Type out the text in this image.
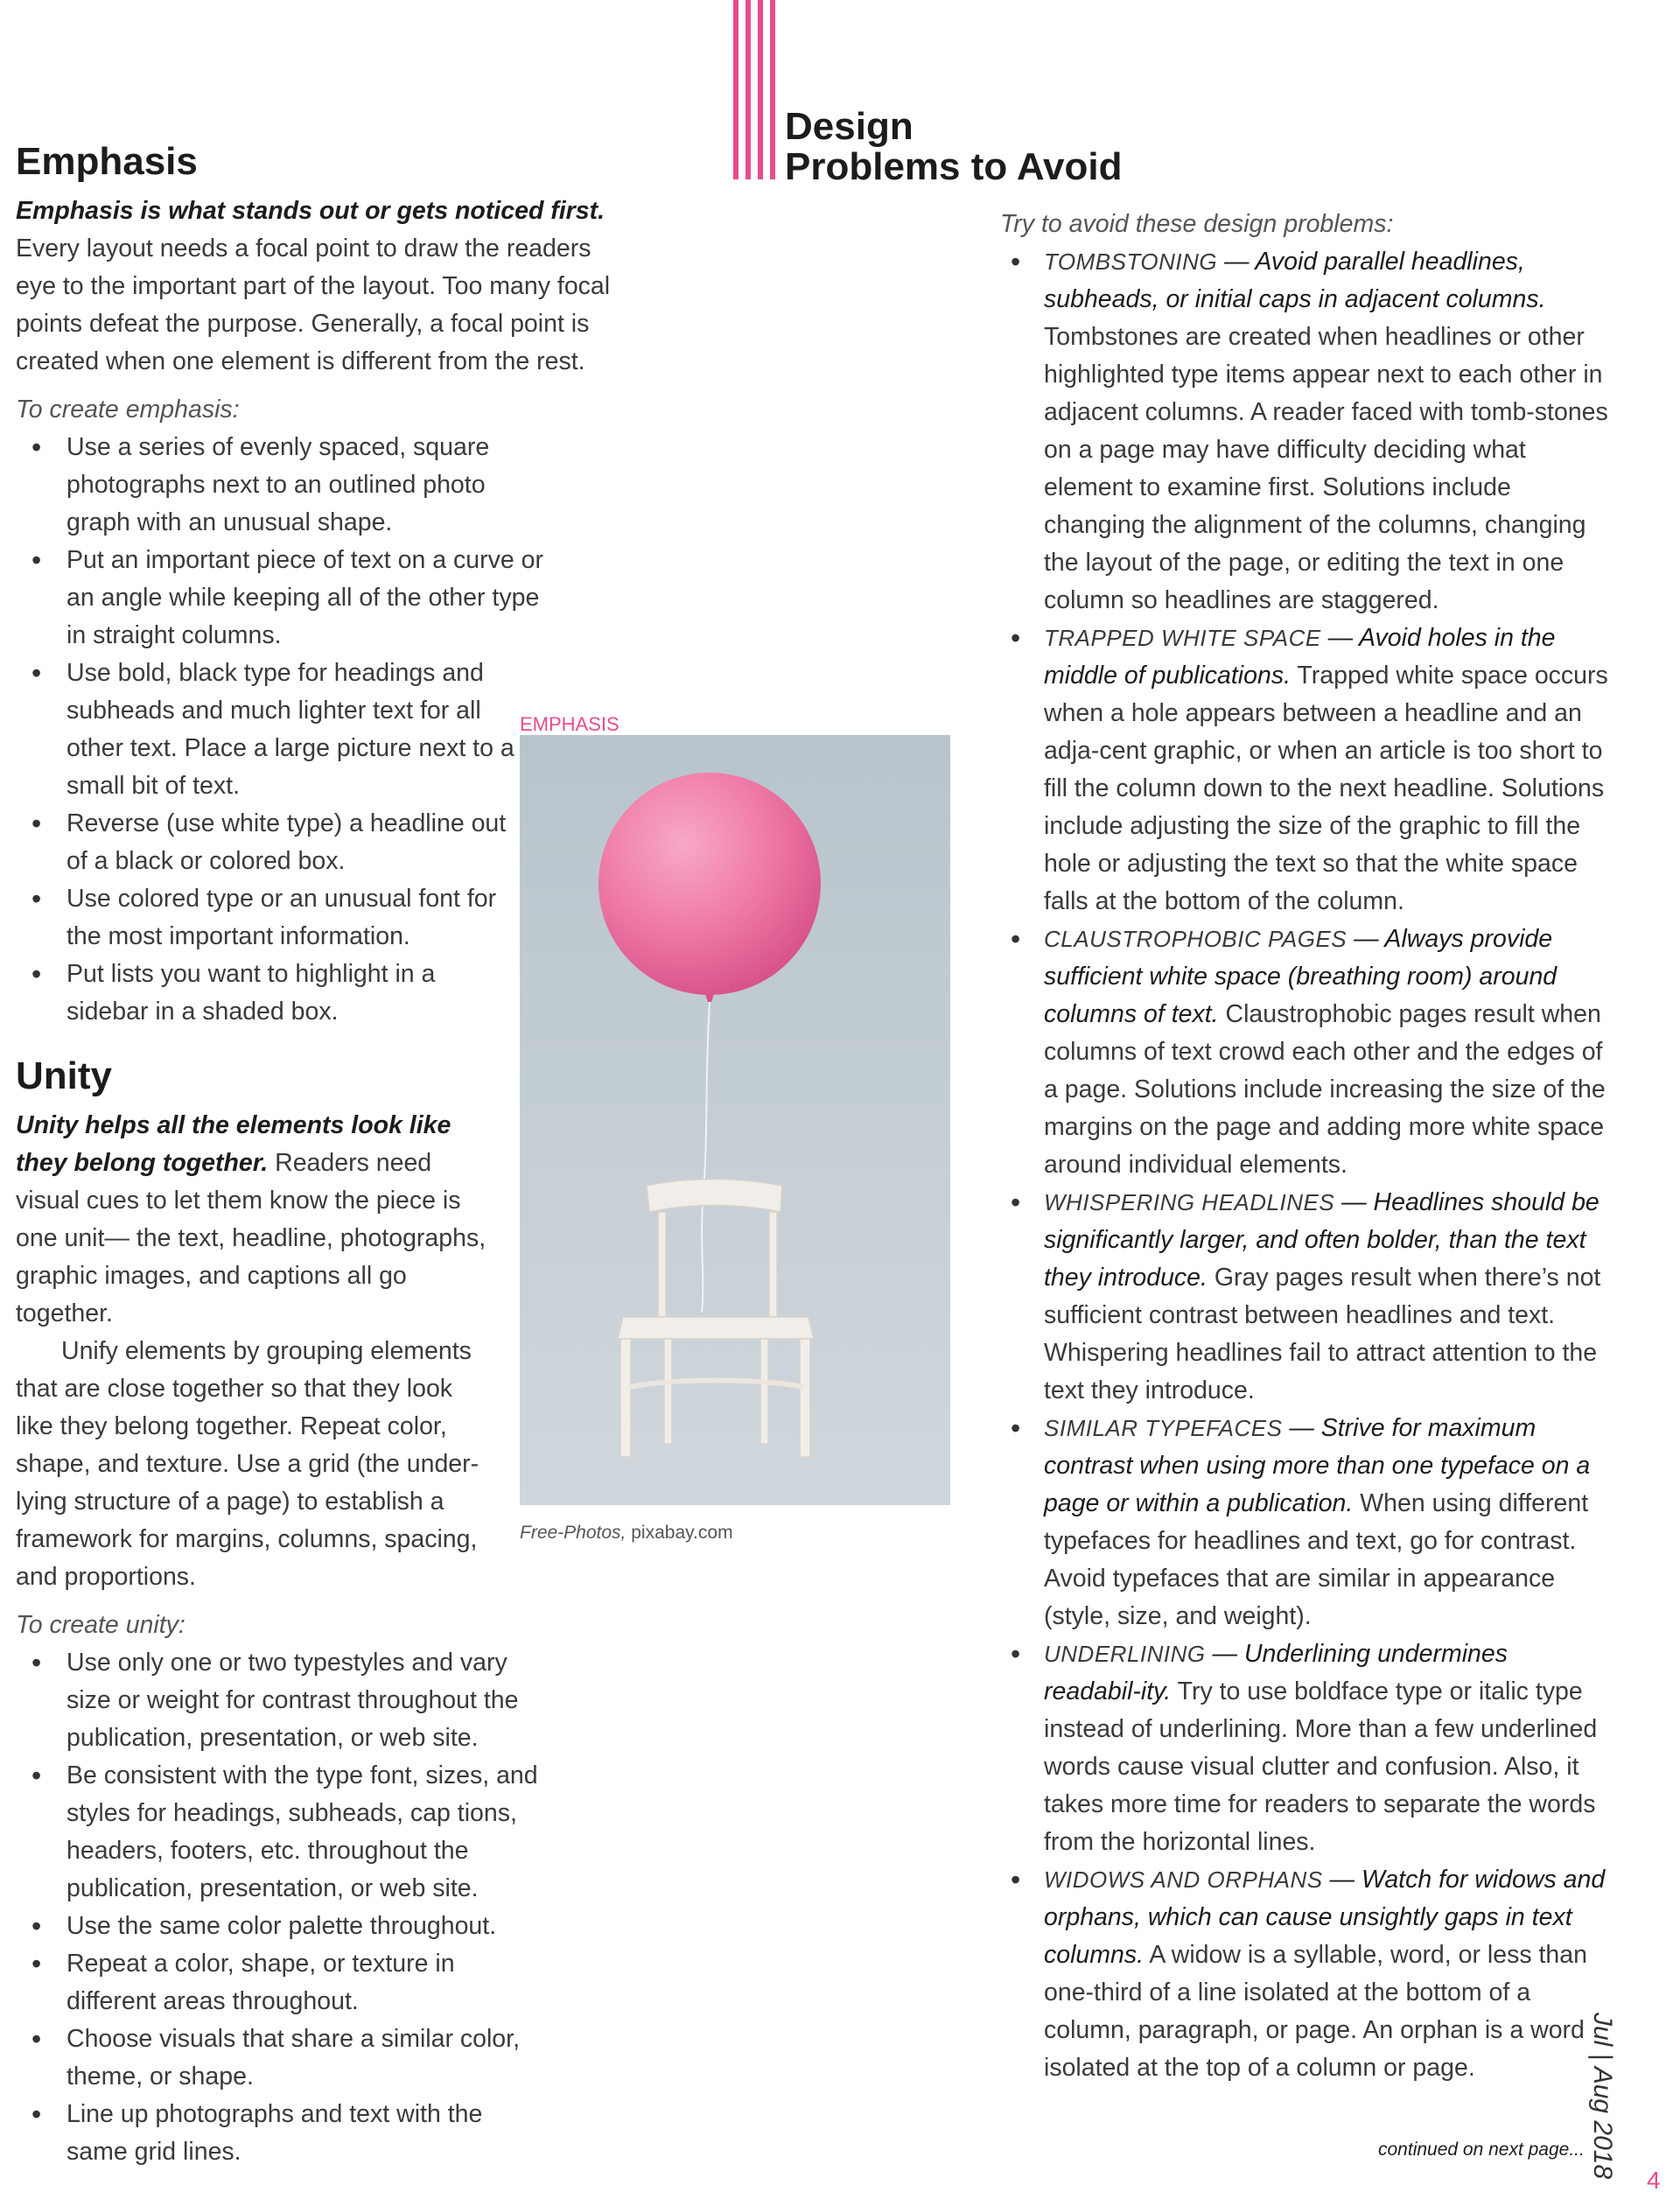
Emphasis

Emphasis is what stands out or gets noticed first. Every layout needs a focal point to draw the readers eye to the important part of the layout. Too many focal points defeat the purpose. Generally, a focal point is created when one element is different from the rest.

To create emphasis:

• Use a series of evenly spaced, square photographs next to an outlined photo graph with an unusual shape.
• Put an important piece of text on a curve or an angle while keeping all of the other type in straight columns.
• Use bold, black type for headings and subheads and much lighter text for all other text. Place a large picture next to a small bit of text.
• Reverse (use white type) a headline out of a black or colored box.
• Use colored type or an unusual font for the most important information.
• Put lists you want to highlight in a sidebar in a shaded box.
Unity

Unity helps all the elements look like they belong together. Readers need visual cues to let them know the piece is one unit— the text, headline, photographs, graphic images, and captions all go together.

Unify elements by grouping elements that are close together so that they look like they belong together. Repeat color, shape, and texture. Use a grid (the under-lying structure of a page) to establish a framework for margins, columns, spacing, and proportions.

To create unity:

• Use only one or two typestyles and vary size or weight for contrast throughout the publication, presentation, or web site.
• Be consistent with the type font, sizes, and styles for headings, subheads, cap tions, headers, footers, etc. throughout the publication, presentation, or web site.
• Use the same color palette throughout.
• Repeat a color, shape, or texture in different areas throughout.
• Choose visuals that share a similar color, theme, or shape.
• Line up photographs and text with the same grid lines.
EMPHASIS
Free-Photos, pixabay.com
Design
Problems to Avoid

Try to avoid these design problems:

• TOMBSTONING — Avoid parallel headlines, subheads, or initial caps in adjacent columns. Tombstones are created when headlines or other highlighted type items appear next to each other in adjacent columns. A reader faced with tomb-stones on a page may have difficulty deciding what element to examine first. Solutions include changing the alignment of the columns, changing the layout of the page, or editing the text in one column so headlines are staggered.
• TRAPPED WHITE SPACE — Avoid holes in the middle of publications. Trapped white space occurs when a hole appears between a headline and an adja-cent graphic, or when an article is too short to fill the column down to the next headline. Solutions include adjusting the size of the graphic to fill the hole or adjusting the text so that the white space falls at the bottom of the column.
• CLAUSTROPHOBIC PAGES — Always provide sufficient white space (breathing room) around columns of text. Claustrophobic pages result when columns of text crowd each other and the edges of a page. Solutions include increasing the size of the margins on the page and adding more white space around individual elements.
• WHISPERING HEADLINES — Headlines should be significantly larger, and often bolder, than the text they introduce. Gray pages result when there’s not sufficient contrast between headlines and text. Whispering headlines fail to attract attention to the text they introduce.
• SIMILAR TYPEFACES — Strive for maximum contrast when using more than one typeface on a page or within a publication. When using different typefaces for headlines and text, go for contrast. Avoid typefaces that are similar in appearance (style, size, and weight).
• UNDERLINING — Underlining undermines readabil-ity. Try to use boldface type or italic type instead of underlining. More than a few underlined words cause visual clutter and confusion. Also, it takes more time for readers to separate the words from the horizontal lines.
• WIDOWS AND ORPHANS — Watch for widows and orphans, which can cause unsightly gaps in text columns. A widow is a syllable, word, or less than one-third of a line isolated at the bottom of a column, paragraph, or page. An orphan is a word isolated at the top of a column or page.
continued on next page... Jul | Aug 2018
4
